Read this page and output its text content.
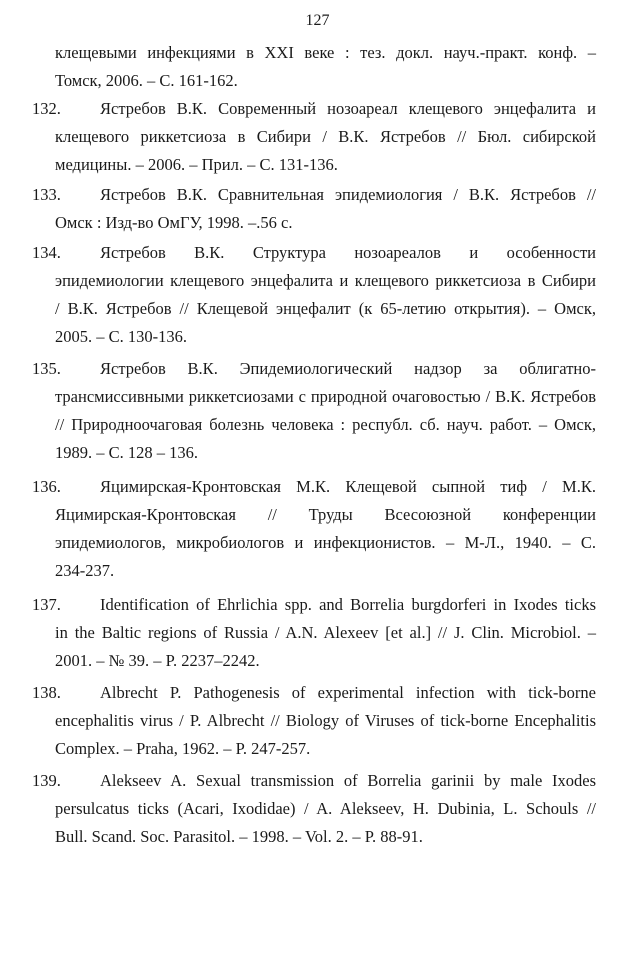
127
клещевыми инфекциями в XXI веке : тез. докл. науч.-практ. конф. –
Томск, 2006. – С. 161-162.
132. Ястребов В.К. Современный нозоареал клещевого энцефалита и
клещевого риккетсиоза в Сибири / В.К. Ястребов // Бюл. сибирской
медицины. – 2006. – Прил. – С. 131-136.
133. Ястребов В.К. Сравнительная эпидемиология / В.К. Ястребов //
Омск : Изд-во ОмГУ, 1998. –.56 с.
134. Ястребов В.К. Структура нозоареалов и особенности
эпидемиологии клещевого энцефалита и клещевого риккетсиоза в Сибири
/ В.К. Ястребов // Клещевой энцефалит (к 65-летию открытия). – Омск,
2005. – С. 130-136.
135. Ястребов В.К. Эпидемиологический надзор за облигатно-
трансмиссивными риккетсиозами с природной очаговостью / В.К. Ястребов
// Природноочаговая болезнь человека : республ. сб. науч. работ. – Омск,
1989. – С. 128 – 136.
136. Яцимирская-Кронтовская М.К. Клещевой сыпной тиф / М.К.
Яцимирская-Кронтовская // Труды Всесоюзной конференции
эпидемиологов, микробиологов и инфекционистов. – М-Л., 1940. – С.
234-237.
137. Identification of Ehrlichia spp. and Borrelia burgdorferi in Ixodes ticks
in the Baltic regions of Russia / A.N. Alexeev [et al.] // J. Clin. Microbiol. –
2001. – № 39. – P. 2237–2242.
138. Albrecht P. Pathogenesis of experimental infection with tick-borne
encephalitis virus / P. Albrecht // Biology of Viruses of tick-borne Encephalitis
Complex. – Praha, 1962. – P. 247-257.
139. Alekseev A. Sexual transmission of Borrelia garinii by male Ixodes
persulcatus ticks (Acari, Ixodidae) / A. Alekseev, H. Dubinia, L. Schouls //
Bull. Scand. Soc. Parasitol. – 1998. – Vol. 2. – P. 88-91.
